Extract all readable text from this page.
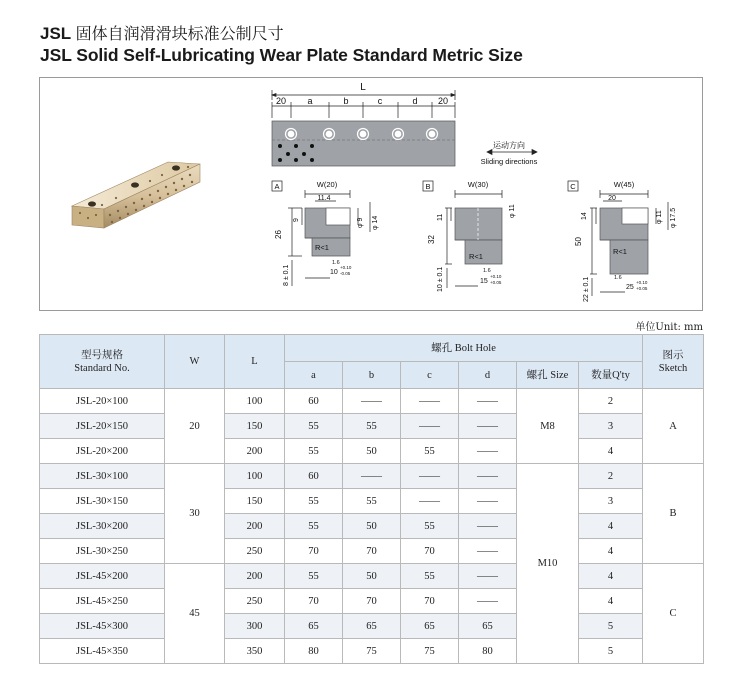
JSL 固体自润滑滑块标准公制尺寸
JSL Solid Self-Lubricating Wear Plate Standard Metric Size
L
20 a	b	c	d 20
运动方向
Sliding directions
A	W(20)
11.4
φ 9 φ 14
9
26
R<1
1.6
8 ± 0.1	10
+0.10
-0.05
B	W(30)
φ 11
11
32
R<1
1.6
10 ± 0.1	15
+0.10
+0.05
C	W(45)
20
φ 11 φ 17.5
14
50
R<1
1.6
22 ± 0.1	25
+0.10
+0.05
单位Unit: mm
型号规格
Standard No.	W	L	螺孔 Bolt Hole						图示
Sketch
			a	b	c	d	螺孔 Size	数量Q'ty	
JSL-20×100	20	100	60	——	——	——	M8	2	A
JSL-20×150		150	55	55	——	——		3	
JSL-20×200		200	55	50	55	——		4	
JSL-30×100	30	100	60	——	——	——	M10	2	B
JSL-30×150		150	55	55	——	——		3	
JSL-30×200		200	55	50	55	——		4	
JSL-30×250		250	70	70	70	——		4	
JSL-45×200	45	200	55	50	55	——		4	C
JSL-45×250		250	70	70	70	——		4	
JSL-45×300		300	65	65	65	65		5	
JSL-45×350		350	80	75	75	80		5	
